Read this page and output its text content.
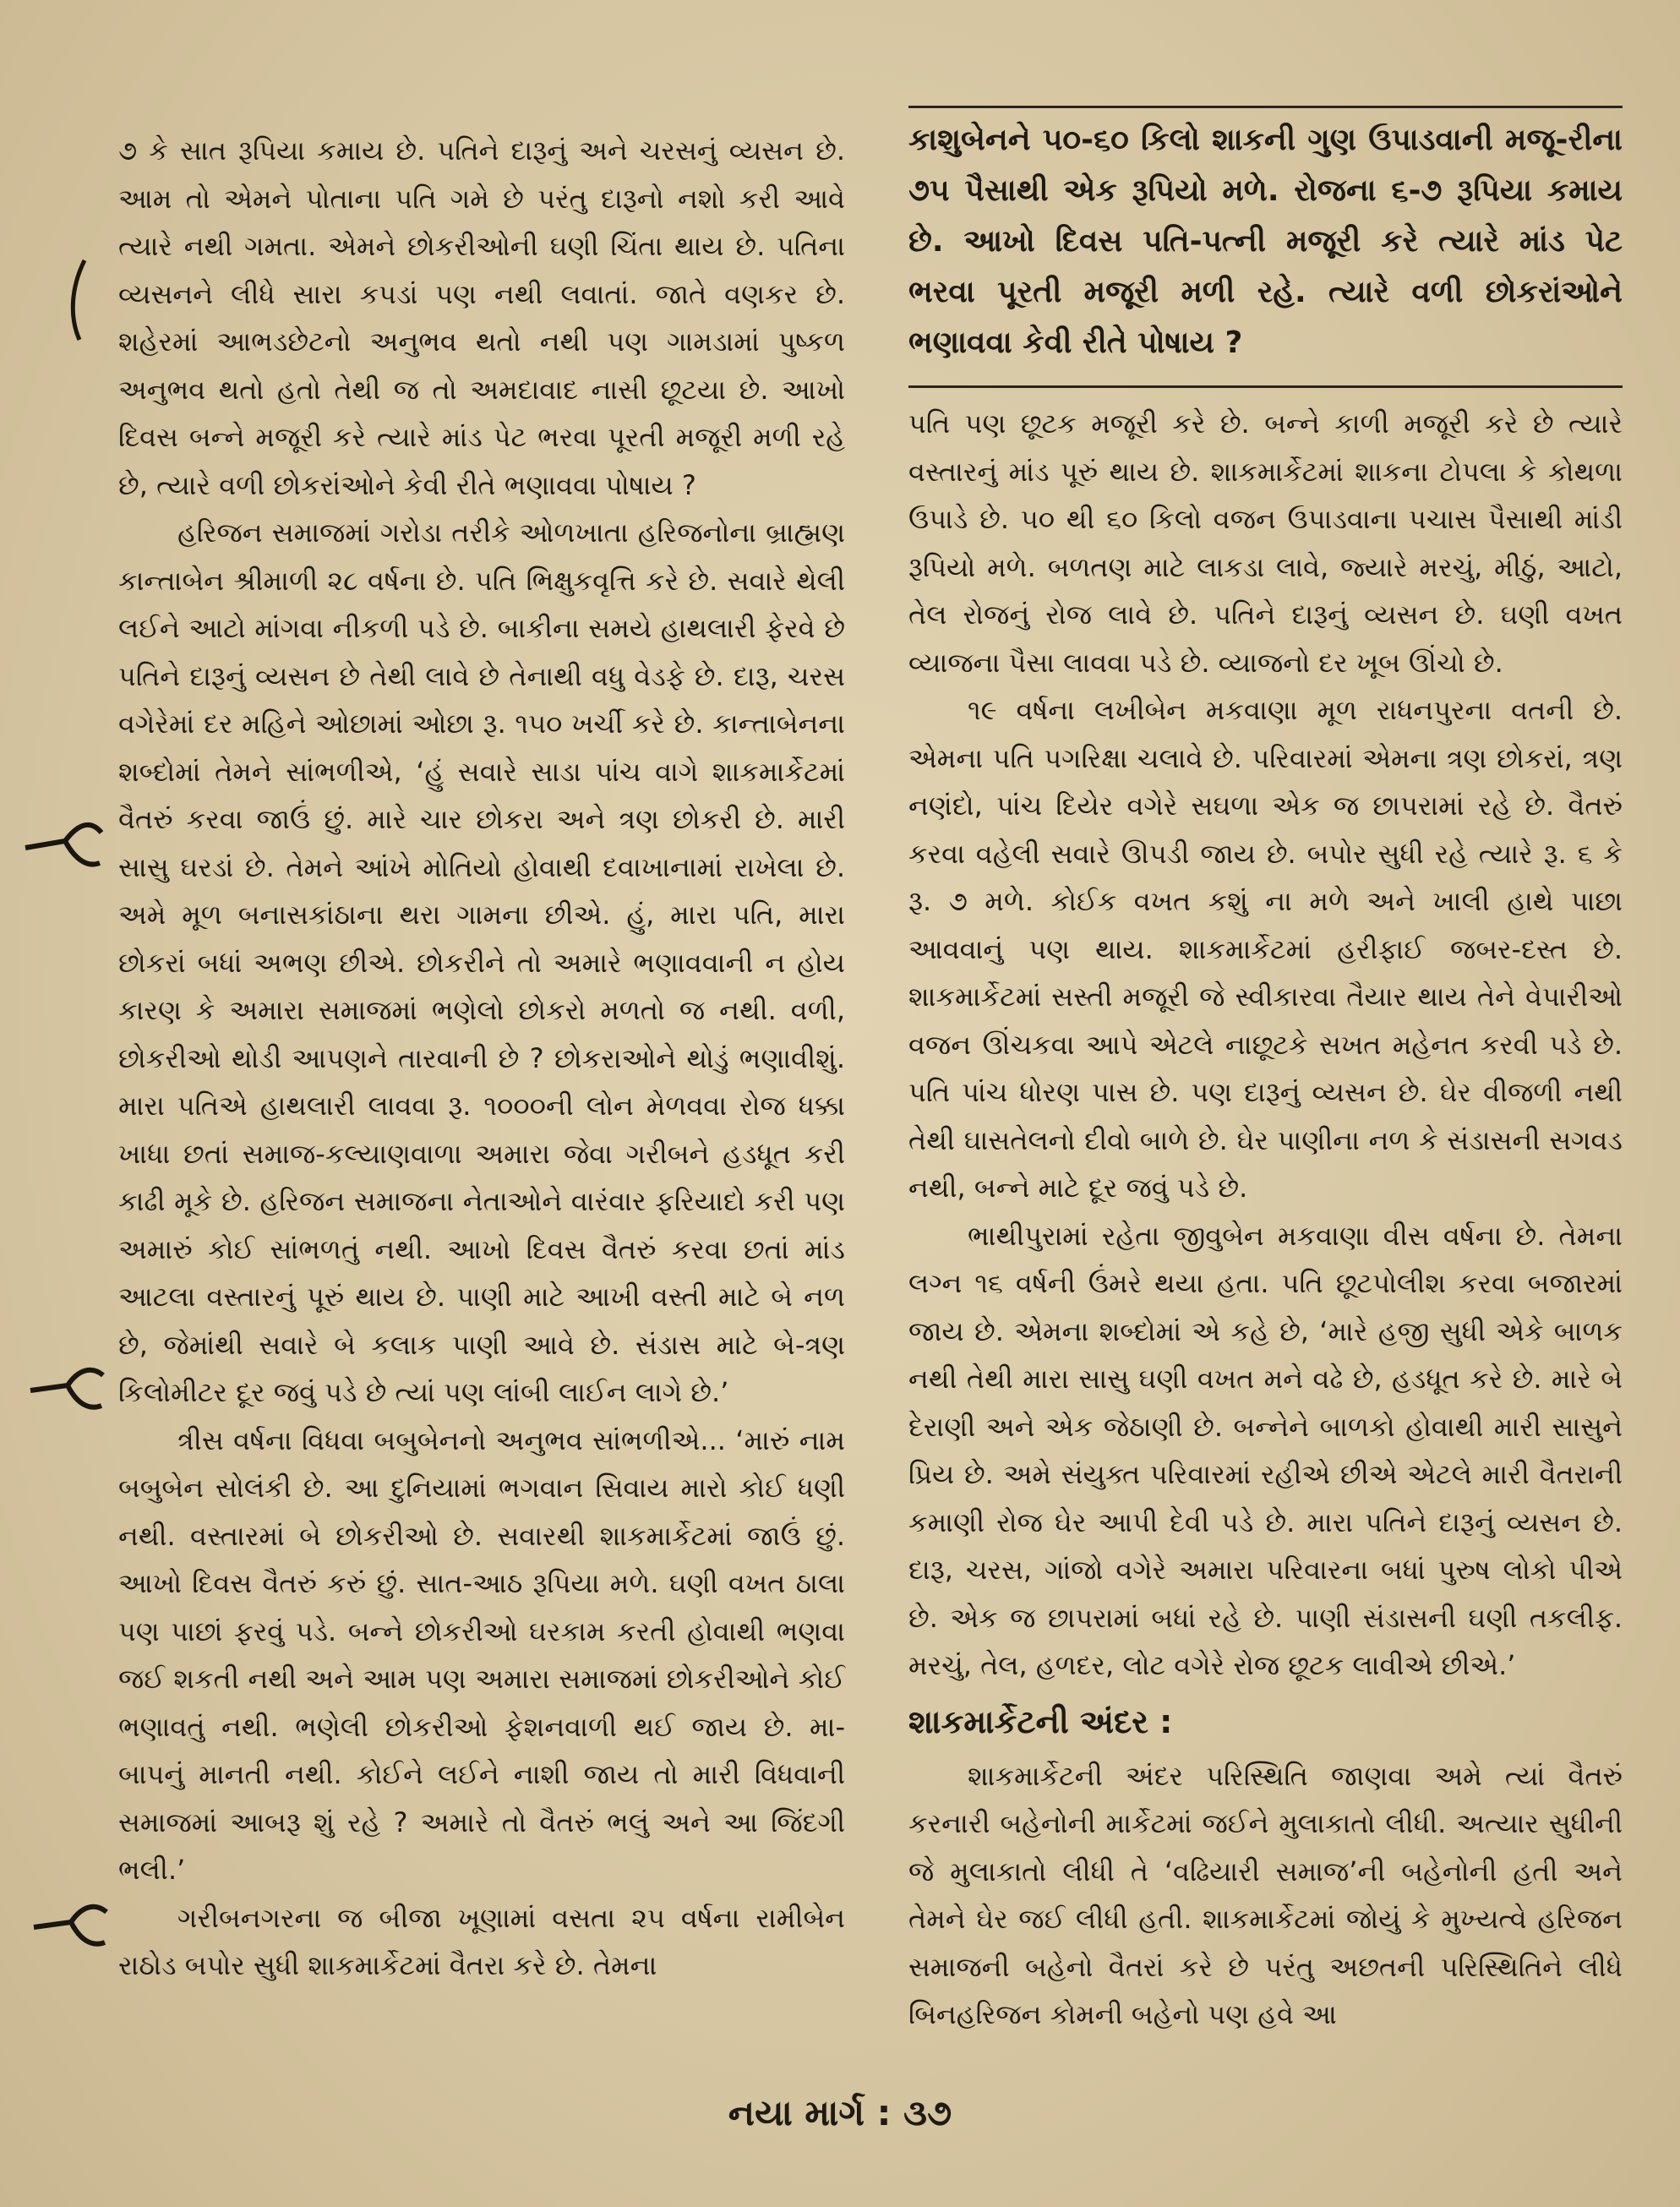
૭ કે સાત રૂપિયા કમાય છે. પતિને દારૂનું અને ચરસનું વ્યસન છે. આમ તો એમને પોતાના પતિ ગમે છે પરંતુ દારૂનો નશો કરી આવે ત્યારે નથી ગમતા. એમને છોકરીઓની ઘણી ચિંતા થાય છે. પતિના વ્યસનને લીધે સારા કપડાં પણ નથી લવાતાં. જાતે વણકર છે. શહેરમાં આભડછેટનો અનુભવ થતો નથી પણ ગામડામાં પુષ્કળ અનુભવ થતો હતો તેથી જ તો અમદાવાદ નાસી છૂટયા છે. આખો દિવસ બન્ને મજૂરી કરે ત્યારે માંડ પેટ ભરવા પૂરતી મજૂરી મળી રહે છે, ત્યારે વળી છોકરાંઓને કેવી રીતે ભણાવવા પોષાય ?

હરિજન સમાજમાં ગરોડા તરીકે ઓળખાતા હરિજનોના બ્રાહ્મણ કાન્તાબેન શ્રીમાળી ૨૮ વર્ષના છે. પતિ ભિક્ષુકવૃત્તિ કરે છે. સવારે થેલી લઈને આટો માંગવા નીકળી પડે છે. બાકીના સમયે હાથલારી ફેરવે છે પતિને દારૂનું વ્યસન છે તેથી લાવે છે તેનાથી વધુ વેડફે છે. દારૂ, ચરસ વગેરેમાં દર મહિને ઓછામાં ઓછા રૂ. ૧૫૦ ખર્ચી કરે છે. કાન્તાબેનના શબ્દોમાં તેમને સાંભળીએ, ‘હું સવારે સાડા પાંચ વાગે શાકમાર્કેટમાં વૈતરું કરવા જાઉં છું. મારે ચાર છોકરા અને ત્રણ છોકરી છે. મારી સાસુ ઘરડાં છે. તેમને આંખે મોતિયો હોવાથી દવાખાનામાં રાખેલા છે. અમે મૂળ બનાસકાંઠાના થરા ગામના છીએ. હું, મારા પતિ, મારા છોકરાં બધાં અભણ છીએ. છોકરીને તો અમારે ભણાવવાની ન હોય કારણ કે અમારા સમાજમાં ભણેલો છોકરો મળતો જ નથી. વળી, છોકરીઓ થોડી આપણને તારવાની છે ? છોકરાઓને થોડું ભણાવીશું. મારા પતિએ હાથલારી લાવવા રૂ. ૧૦૦૦ની લોન મેળવવા રોજ ધક્કા ખાધા છતાં સમાજ-કલ્યાણવાળા અમારા જેવા ગરીબને હડધૂત કરી કાઢી મૂકે છે. હરિજન સમાજના નેતાઓને વારંવાર ફરિયાદો કરી પણ અમારું કોઈ સાંભળતું નથી. આખો દિવસ વૈતરું કરવા છતાં માંડ આટલા વસ્તારનું પૂરું થાય છે. પાણી માટે આખી વસ્તી માટે બે નળ છે, જેમાંથી સવારે બે કલાક પાણી આવે છે. સંડાસ માટે બે-ત્રણ કિલોમીટર દૂર જવું પડે છે ત્યાં પણ લાંબી લાઈન લાગે છે.’

ત્રીસ વર્ષના વિધવા બબુબેનનો અનુભવ સાંભળીએ... ‘મારું નામ બબુબેન સોલંકી છે. આ દુનિયામાં ભગવાન સિવાય મારો કોઈ ધણી નથી. વસ્તારમાં બે છોકરીઓ છે. સવારથી શાકમાર્કેટમાં જાઉં છું. આખો દિવસ વૈતરું કરું છું. સાત-આઠ રૂપિયા મળે. ઘણી વખત ઠાલા પણ પાછાં ફરવું પડે. બન્ને છોકરીઓ ઘરકામ કરતી હોવાથી ભણવા જઈ શકતી નથી અને આમ પણ અમારા સમાજમાં છોકરીઓને કોઈ ભણાવતું નથી. ભણેલી છોકરીઓ ફેશનવાળી થઈ જાય છે. મા-બાપનું માનતી નથી. કોઈને લઈને નાશી જાય તો મારી વિધવાની સમાજમાં આબરૂ શું રહે ? અમારે તો વૈતરું ભલું અને આ જિંદગી ભલી.’

ગરીબનગરના જ બીજા ખૂણામાં વસતા ૨૫ વર્ષના રામીબેન રાઠોડ બપોર સુધી શાકમાર્કેટમાં વૈતરા કરે છે. તેમના

કાશુબેનને ૫૦-૬૦ કિલો શાકની ગુણ ઉપાડવાની મજૂ-રીના ૭૫ પૈસાથી એક રૂપિયો મળે. રોજના ૬-૭ રૂપિયા કમાય છે. આખો દિવસ પતિ-પત્ની મજૂરી કરે ત્યારે માંડ પેટ ભરવા પૂરતી મજૂરી મળી રહે. ત્યારે વળી છોકરાંઓને ભણાવવા કેવી રીતે પોષાય ?

પતિ પણ છૂટક મજૂરી કરે છે. બન્ને કાળી મજૂરી કરે છે ત્યારે વસ્તારનું માંડ પૂરું થાય છે. શાકમાર્કેટમાં શાકના ટોપલા કે કોથળા ઉપાડે છે. ૫૦ થી ૬૦ કિલો વજન ઉપાડવાના પચાસ પૈસાથી માંડી રૂપિયો મળે. બળતણ માટે લાકડા લાવે, જ્યારે મરચું, મીઠું, આટો, તેલ રોજનું રોજ લાવે છે. પતિને દારૂનું વ્યસન છે. ઘણી વખત વ્યાજના પૈસા લાવવા પડે છે. વ્યાજનો દર ખૂબ ઊંચો છે.

૧૯ વર્ષના લખીબેન મકવાણા મૂળ રાધનપુરના વતની છે. એમના પતિ પગરિક્ષા ચલાવે છે. પરિવારમાં એમના ત્રણ છોકરાં, ત્રણ નણંદો, પાંચ દિયેર વગેરે સઘળા એક જ છાપરામાં રહે છે. વૈતરું કરવા વહેલી સવારે ઊપડી જાય છે. બપોર સુધી રહે ત્યારે રૂ. ૬ કે રૂ. ૭ મળે. કોઈક વખત કશું ના મળે અને ખાલી હાથે પાછા આવવાનું પણ થાય. શાકમાર્કેટમાં હરીફાઈ જબર-દસ્ત છે. શાકમાર્કેટમાં સસ્તી મજૂરી જે સ્વીકારવા તૈયાર થાય તેને વેપારીઓ વજન ઊંચકવા આપે એટલે નાછૂટકે સખત મહેનત કરવી પડે છે. પતિ પાંચ ધોરણ પાસ છે. પણ દારૂનું વ્યસન છે. ઘેર વીજળી નથી તેથી ઘાસતેલનો દીવો બાળે છે. ઘેર પાણીના નળ કે સંડાસની સગવડ નથી, બન્ને માટે દૂર જવું પડે છે.

ભાથીપુરામાં રહેતા જીવુબેન મકવાણા વીસ વર્ષના છે. તેમના લગ્ન ૧૬ વર્ષની ઉંમરે થયા હતા. પતિ છૂટપોલીશ કરવા બજારમાં જાય છે. એમના શબ્દોમાં એ કહે છે, ‘મારે હજી સુધી એકે બાળક નથી તેથી મારા સાસુ ઘણી વખત મને વઢે છે, હડધૂત કરે છે. મારે બે દેરાણી અને એક જેઠાણી છે. બન્નેને બાળકો હોવાથી મારી સાસુને પ્રિય છે. અમે સંયુક્ત પરિવારમાં રહીએ છીએ એટલે મારી વૈતરાની કમાણી રોજ ઘેર આપી દેવી પડે છે. મારા પતિને દારૂનું વ્યસન છે. દારૂ, ચરસ, ગાંજો વગેરે અમારા પરિવારના બધાં પુરુષ લોકો પીએ છે. એક જ છાપરામાં બધાં રહે છે. પાણી સંડાસની ઘણી તકલીફ. મરચું, તેલ, હળદર, લોટ વગેરે રોજ છૂટક લાવીએ છીએ.’

શાકમાર્કેટની અંદર :

શાકમાર્કેટની અંદર પરિસ્થિતિ જાણવા અમે ત્યાં વૈતરું કરનારી બહેનોની માર્કેટમાં જઈને મુલાકાતો લીધી. અત્યાર સુધીની જે મુલાકાતો લીધી તે ‘વઢિયારી સમાજ’ની બહેનોની હતી અને તેમને ઘેર જઈ લીધી હતી. શાકમાર્કેટમાં જોયું કે મુખ્યત્વે હરિજન સમાજની બહેનો વૈતરાં કરે છે પરંતુ અછતની પરિસ્થિતિને લીધે બિનહરિજન કોમની બહેનો પણ હવે આ

નયા માર્ગ : ૩૭
